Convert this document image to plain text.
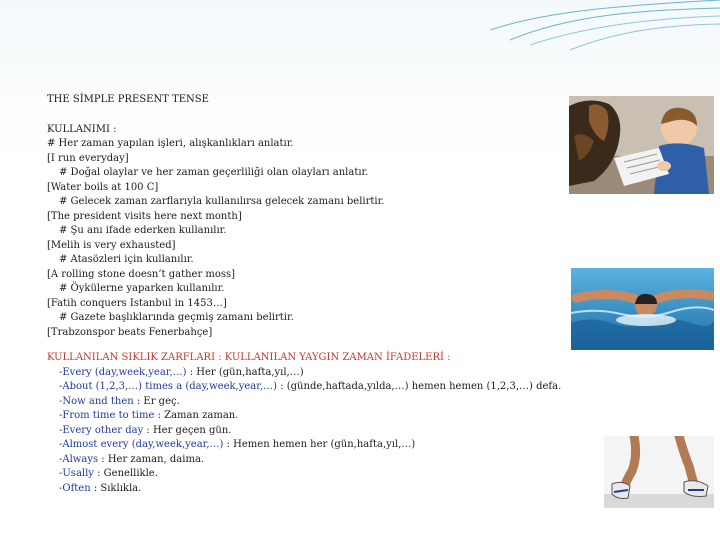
THE SİMPLE PRESENT TENSE
KULLANIMI :
# Her zaman yapılan işleri, alışkanlıkları anlatır.
[I run everyday]
# Doğal olaylar ve her zaman geçerliliği olan olayları anlatır.
[Water boils at 100 C]
# Gelecek zaman zarflarıyla kullanılırsa gelecek zamanı belirtir.
[The president visits here next month]
# Şu anı ifade ederken kullanılır.
[Melih is very exhausted]
# Atasözleri için kullanılır.
[A rolling stone doesn’t gather moss]
# Öykülerne yaparken kullanılır.
[Fatih conquers Istanbul in 1453…]
# Gazete başlıklarında geçmiş zamanı belirtir.
[Trabzonspor beats Fenerbahçe]
KULLANILAN SIKLIK ZARFLARI : KULLANILAN YAYGIN ZAMAN İFADELERİ :
-Every (day,week,year,…) : Her (gün,hafta,yıl,…)
-About (1,2,3,…) times a (day,week,year,…) : (günde,haftada,yılda,…) hemen hemen (1,2,3,…) defa.
-Now and then : Er geç.
-From time to time : Zaman zaman.
-Every other day : Her geçen gün.
-Almost every (day,week,year,…) : Hemen hemen her (gün,hafta,yıl,…)
-Always : Her zaman, daima.
-Usally : Genellikle.
-Often : Sıklıkla.
